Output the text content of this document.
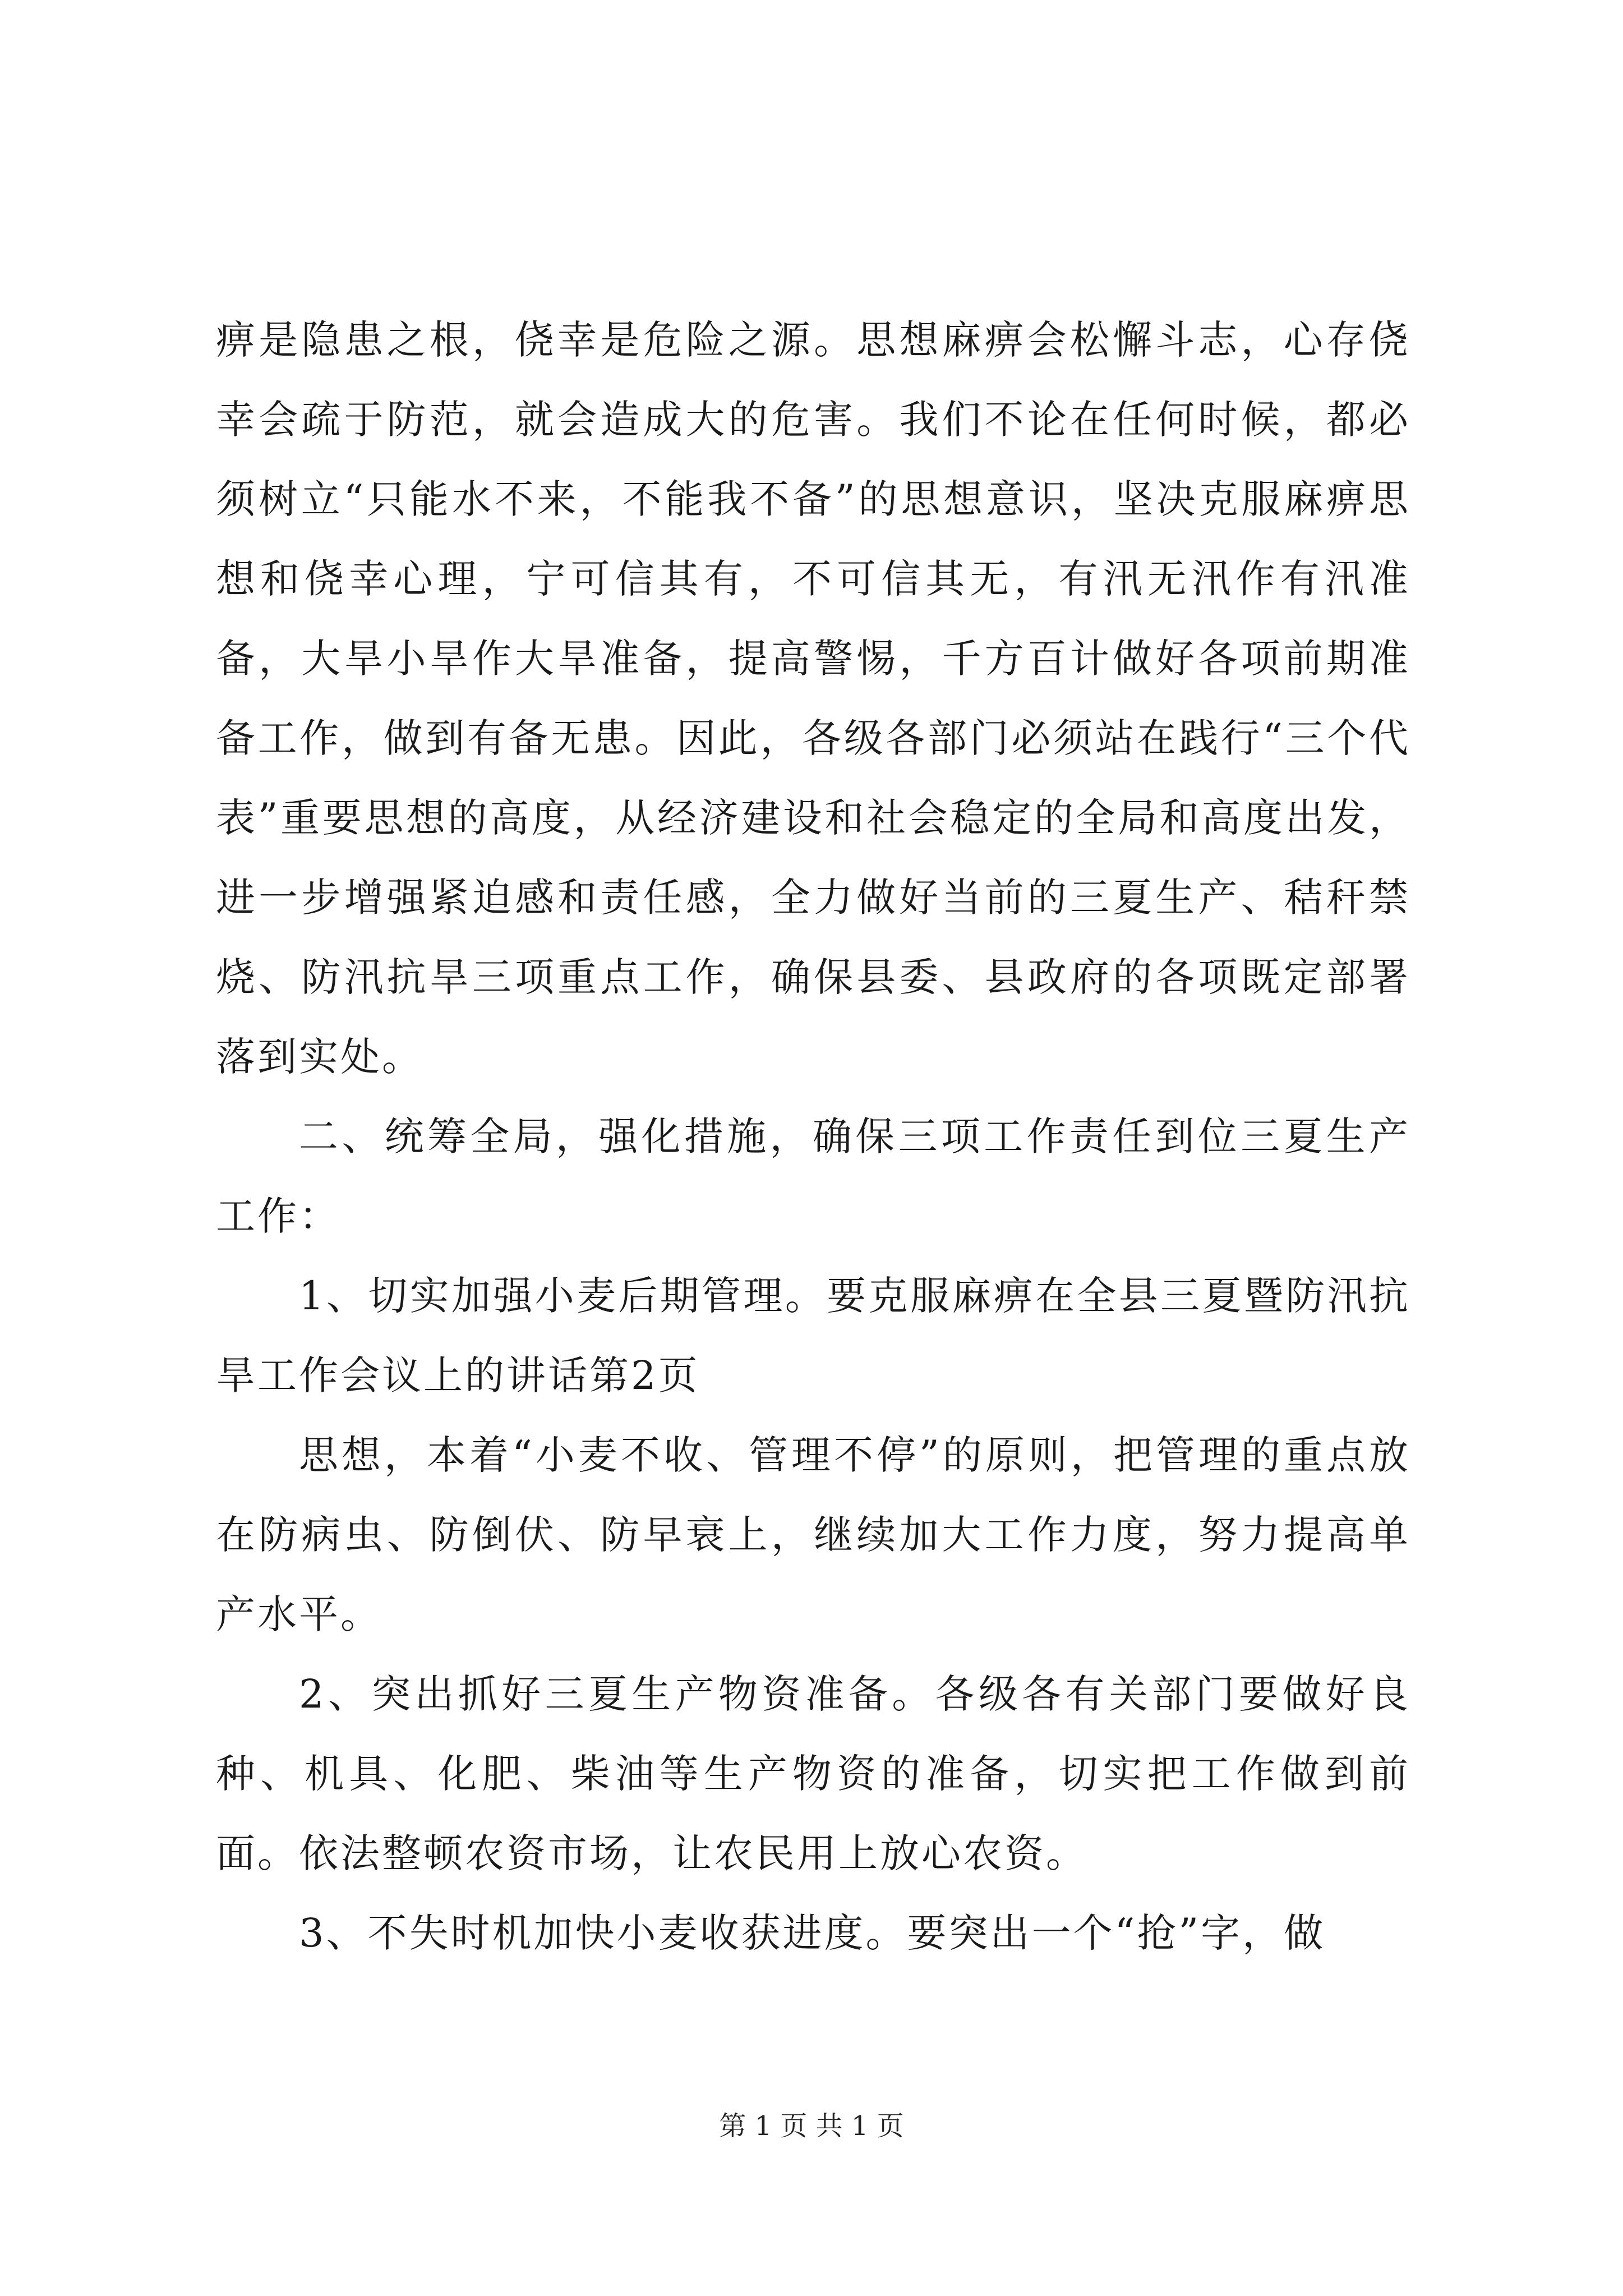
痹是隐患之根，侥幸是危险之源。思想麻痹会松懈斗志，心存侥幸会疏于防范，就会造成大的危害。我们不论在任何时候，都必须树立“只能水不来，不能我不备”的思想意识，坚决克服麻痹思想和侥幸心理，宁可信其有，不可信其无，有汛无汛作有汛准备，大旱小旱作大旱准备，提高警惕，千方百计做好各项前期准备工作，做到有备无患。因此，各级各部门必须站在践行“三个代表”重要思想的高度，从经济建设和社会稳定的全局和高度出发，进一步增强紧迫感和责任感，全力做好当前的三夏生产、秸秆禁烧、防汛抗旱三项重点工作，确保县委、县政府的各项既定部署落到实处。

二、统筹全局，强化措施，确保三项工作责任到位三夏生产工作：

1、切实加强小麦后期管理。要克服麻痹在全县三夏暨防汛抗旱工作会议上的讲话第2页

思想，本着“小麦不收、管理不停”的原则，把管理的重点放在防病虫、防倒伏、防早衰上，继续加大工作力度，努力提高单产水平。

2、突出抓好三夏生产物资准备。各级各有关部门要做好良种、机具、化肥、柴油等生产物资的准备，切实把工作做到前面。依法整顿农资市场，让农民用上放心农资。

3、不失时机加快小麦收获进度。要突出一个“抢”字，做

第 1 页 共 1 页
